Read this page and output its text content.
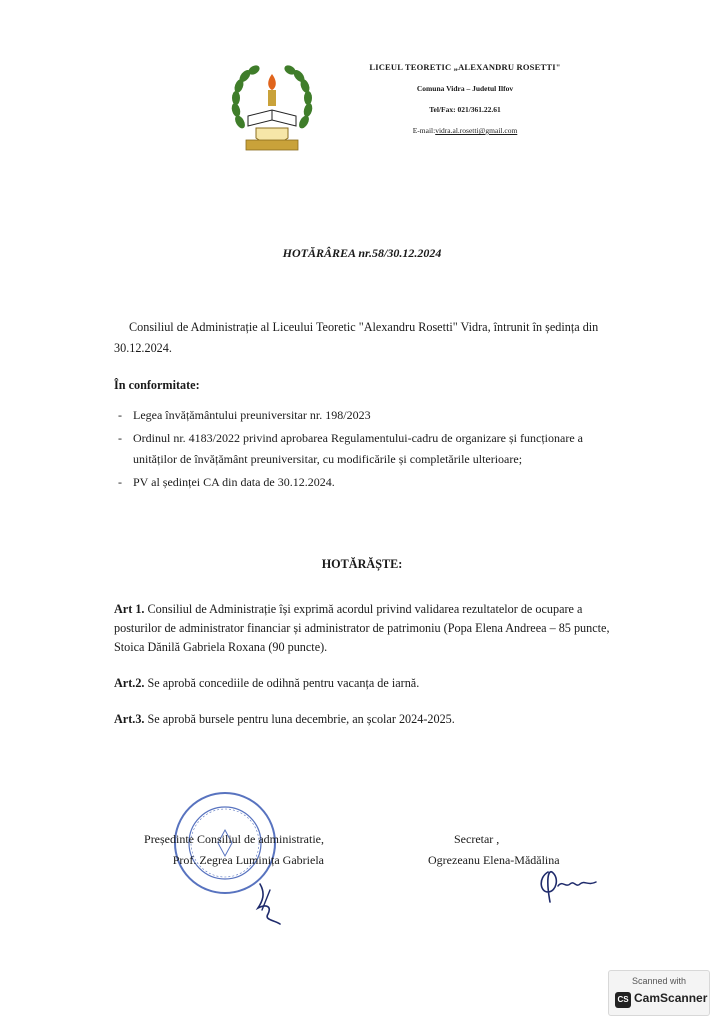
LICEUL TEORETIC „ALEXANDRU ROSETTI"
Comuna Vidra – Judetul Ilfov
Tel/Fax: 021/361.22.61
E-mail:vidra.al.rosetti@gmail.com
HOTĂRÂREA nr.58/30.12.2024
Consiliul de Administrație al Liceului Teoretic "Alexandru Rosetti" Vidra, întrunit în ședința din 30.12.2024.
În conformitate:
- Legea învățământului preuniversitar nr. 198/2023
- Ordinul nr. 4183/2022 privind aprobarea Regulamentului-cadru de organizare și funcționare a unităților de învățământ preuniversitar, cu modificările și completările ulterioare;
- PV al ședinței CA din data de 30.12.2024.
HOTĂRĂȘTE:
Art 1. Consiliul de Administrație își exprimă acordul privind validarea rezultatelor de ocupare a posturilor de administrator financiar și administrator de patrimoniu (Popa Elena Andreea – 85 puncte, Stoica Dănilă Gabriela Roxana (90 puncte).
Art.2. Se aprobă concediile de odihnă pentru vacanța de iarnă.
Art.3. Se aprobă bursele pentru luna decembrie, an școlar 2024-2025.
Președinte Consiliul de administratie,
Prof. Zegrea Luminița Gabriela
Secretar ,
Ogrezeanu Elena-Mădălina
Scanned with
CS CamScanner
